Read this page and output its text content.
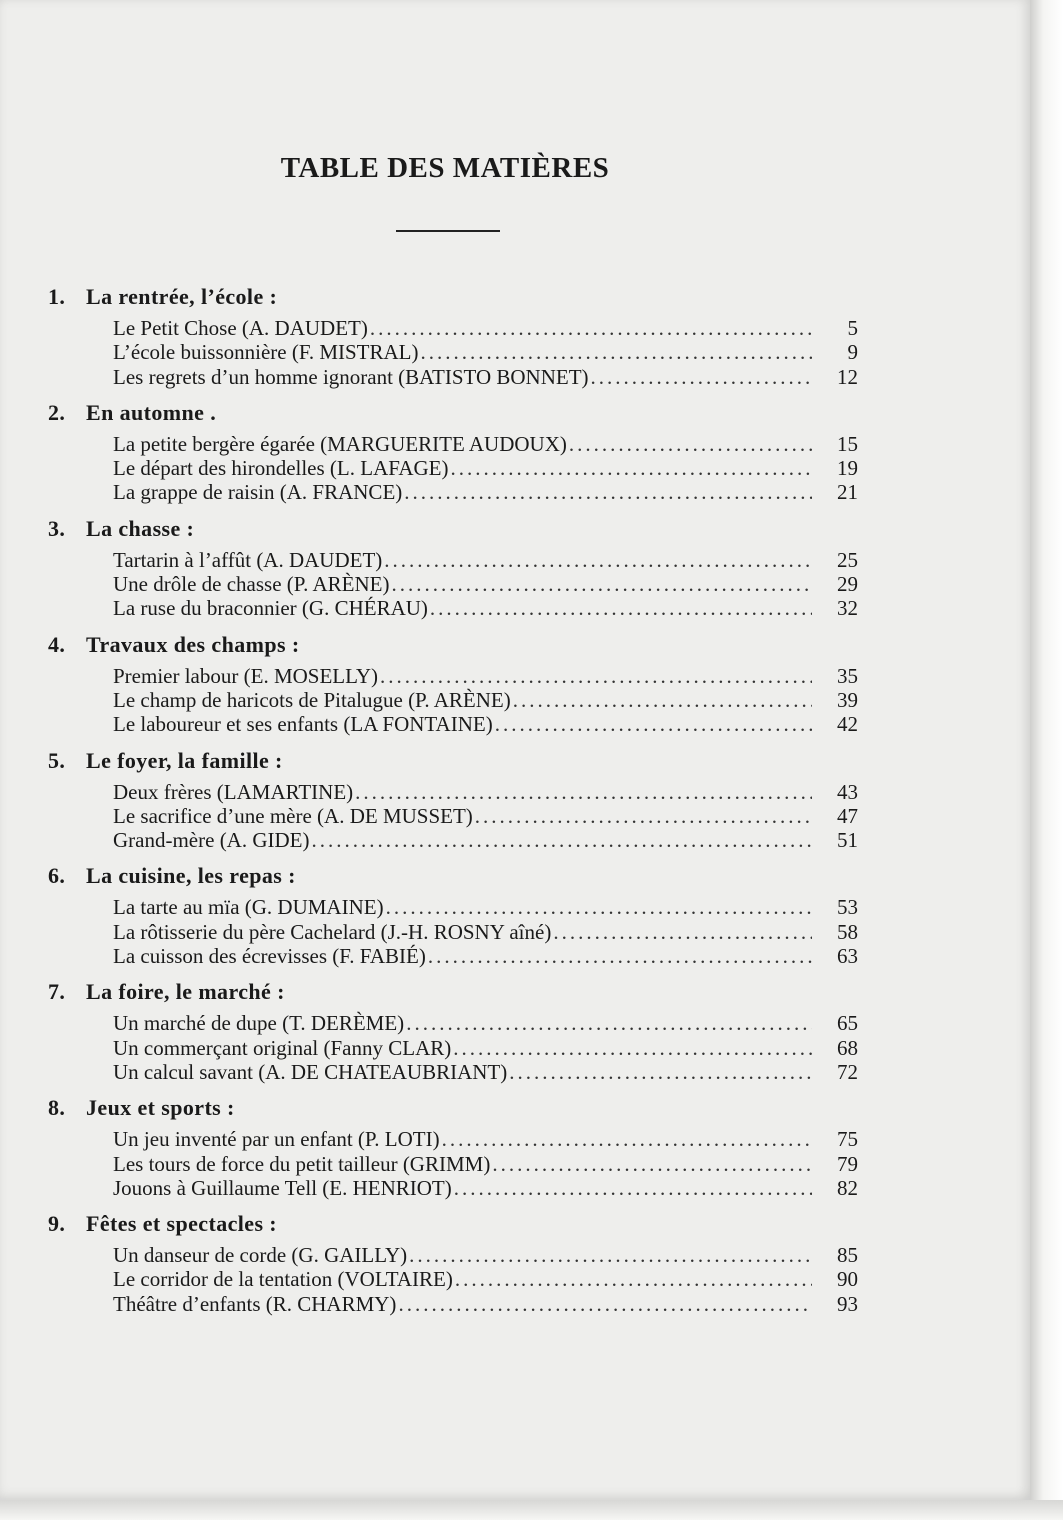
TABLE DES MATIÈRES
1. La rentrée, l’école :
Le Petit Chose (A. DAUDET) .....	5
L’école buissonnière (F. MISTRAL) .....	9
Les regrets d’un homme ignorant (BATISTO BONNET) .....	12
2. En automne .
La petite bergère égarée (MARGUERITE AUDOUX) .....	15
Le départ des hirondelles (L. LAFAGE) .....	19
La grappe de raisin (A. FRANCE) .....	21
3. La chasse :
Tartarin à l’affût (A. DAUDET) .....	25
Une drôle de chasse (P. ARÈNE) .....	29
La ruse du braconnier (G. CHÉRAU) .....	32
4. Travaux des champs :
Premier labour (E. MOSELLY) .....	35
Le champ de haricots de Pitalugue (P. ARÈNE) .....	39
Le laboureur et ses enfants (LA FONTAINE) .....	42
5. Le foyer, la famille :
Deux frères (LAMARTINE) .....	43
Le sacrifice d’une mère (A. DE MUSSET) .....	47
Grand-mère (A. GIDE) .....	51
6. La cuisine, les repas :
La tarte au mïa (G. DUMAINE) .....	53
La rôtisserie du père Cachelard (J.-H. ROSNY aîné) .....	58
La cuisson des écrevisses (F. FABIÉ) .....	63
7. La foire, le marché :
Un marché de dupe (T. DERÈME) .....	65
Un commerçant original (Fanny CLAR) .....	68
Un calcul savant (A. DE CHATEAUBRIANT) .....	72
8. Jeux et sports :
Un jeu inventé par un enfant (P. LOTI) .....	75
Les tours de force du petit tailleur (GRIMM) .....	79
Jouons à Guillaume Tell (E. HENRIOT) .....	82
9. Fêtes et spectacles :
Un danseur de corde (G. GAILLY) .....	85
Le corridor de la tentation (VOLTAIRE) .....	90
Théâtre d’enfants (R. CHARMY) .....	93
